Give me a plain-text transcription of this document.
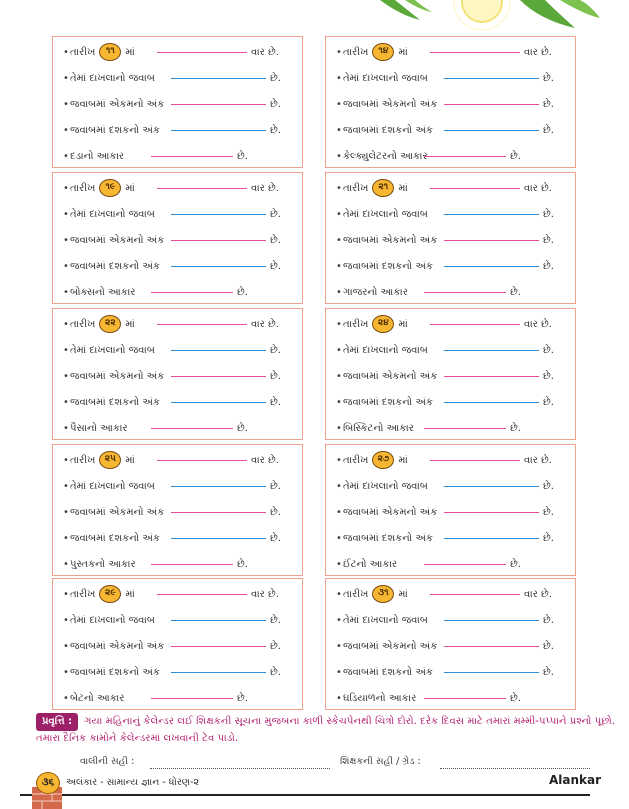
•તારીખ ૧૧ માં	વાર છે.
•તેમાં દાખલાનો જવાબ	છે.
•જવાબમાં એકમનો અંક	છે.
•જવાબમાં દશકનો અંક	છે.
•દડાનો આકાર	છે.
•તારીખ ૧૪ માં	વાર છે.
•તેમાં દાખલાનો જવાબ	છે.
•જવાબમાં એકમનો અંક	છે.
•જવાબમાં દશકનો અંક	છે.
•કેલ્ક્યુલેટરનો આકાર	છે.
•તારીખ ૧૯ માં	વાર છે.
•તેમાં દાખલાનો જવાબ	છે.
•જવાબમાં એકમનો અંક	છે.
•જવાબમાં દશકનો અંક	છે.
•બોક્સનો આકાર	છે.
•તારીખ ૨૧ માં	વાર છે.
•તેમાં દાખલાનો જવાબ	છે.
•જવાબમાં એકમનો અંક	છે.
•જવાબમાં દશકનો અંક	છે.
•ગાજરનો આકાર	છે.
•તારીખ ૨૨ માં	વાર છે.
•તેમાં દાખલાનો જવાબ	છે.
•જવાબમાં એકમનો અંક	છે.
•જવાબમાં દશકનો અંક	છે.
•પૈસાનો આકાર	છે.
•તારીખ ૨૪ માં	વાર છે.
•તેમાં દાખલાનો જવાબ	છે.
•જવાબમાં એકમનો અંક	છે.
•જવાબમાં દશકનો અંક	છે.
•બિસ્કિટનો આકાર	છે.
•તારીખ ૨૫ માં	વાર છે.
•તેમાં દાખલાનો જવાબ	છે.
•જવાબમાં એકમનો અંક	છે.
•જવાબમાં દશકનો અંક	છે.
•પુસ્તકનો આકાર	છે.
•તારીખ ૨૭ માં	વાર છે.
•તેમાં દાખલાનો જવાબ	છે.
•જવાબમાં એકમનો અંક	છે.
•જવાબમાં દશકનો અંક	છે.
•ઈંટનો આકાર	છે.
•તારીખ ૨૯ માં	વાર છે.
•તેમાં દાખલાનો જવાબ	છે.
•જવાબમાં એકમનો અંક	છે.
•જવાબમાં દશકનો અંક	છે.
•બેટનો આકાર	છે.
•તારીખ ૩૧ માં	વાર છે.
•તેમાં દાખલાનો જવાબ	છે.
•જવાબમાં એકમનો અંક	છે.
•જવાબમાં દશકનો અંક	છે.
•ઘડિયાળનો આકાર	છે.
પ્રવૃત્તિ : ગયા મહિનાનું કેલેન્ડર લઈ શિક્ષકની સૂચના મુજબના કાળી સ્કેચપેનથી ચિત્રો દોરો. દરેક દિવસ માટે તમારાં મમ્મી-પપ્પાને પ્રશ્નો પૂછો. તમારા દૈનિક કામોને કેલેન્ડરમાં લખવાની ટેવ પાડો.
વાલીની સહી :	શિક્ષકની સહી / ગ્રેડ :
૩૬	અલંકાર - સામાન્ય જ્ઞાન - ધોરણ-૨	Alankar
